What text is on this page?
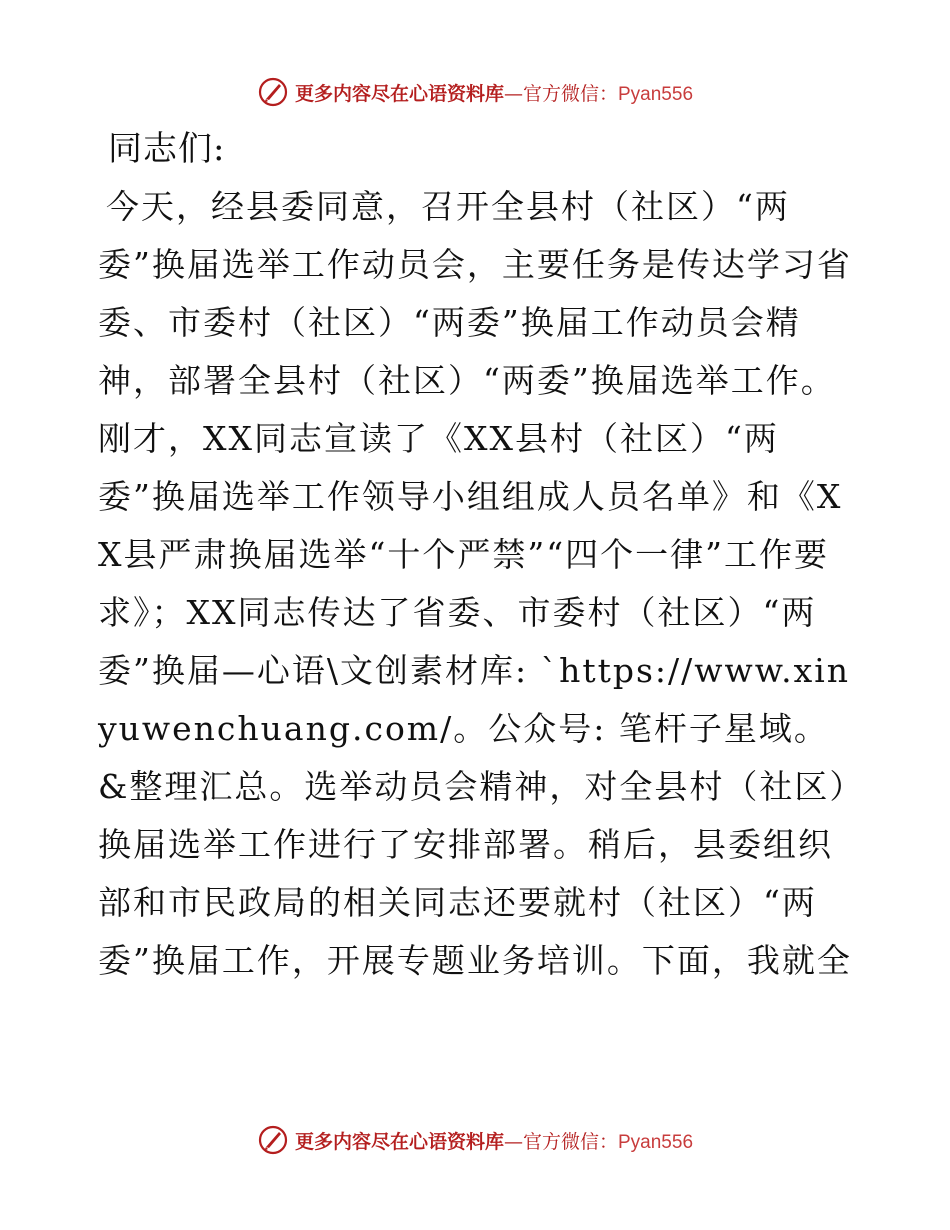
更多内容尽在心语资料库—官方微信：Pyan556

同志们:

今天，经县委同意，召开全县村（社区）“两委”换届选举工作动员会，主要任务是传达学习省委、市委村（社区）“两委”换届工作动员会精神，部署全县村（社区）“两委”换届选举工作。刚才，XX同志宣读了《XX县村（社区）“两委”换届选举工作领导小组组成人员名单》和《XX县严肃换届选举“十个严禁”“四个一律”工作要求》；XX同志传达了省委、市委村（社区）“两委”换届—心语\文创素材库: `https://www.xinyuwenchuang.com/。公众号: 笔杆子星域。&整理汇总。选举动员会精神，对全县村（社区）换届选举工作进行了安排部署。稍后，县委组织部和市民政局的相关同志还要就村（社区）“两委”换届工作，开展专题业务培训。下面，我就全

更多内容尽在心语资料库—官方微信：Pyan556
